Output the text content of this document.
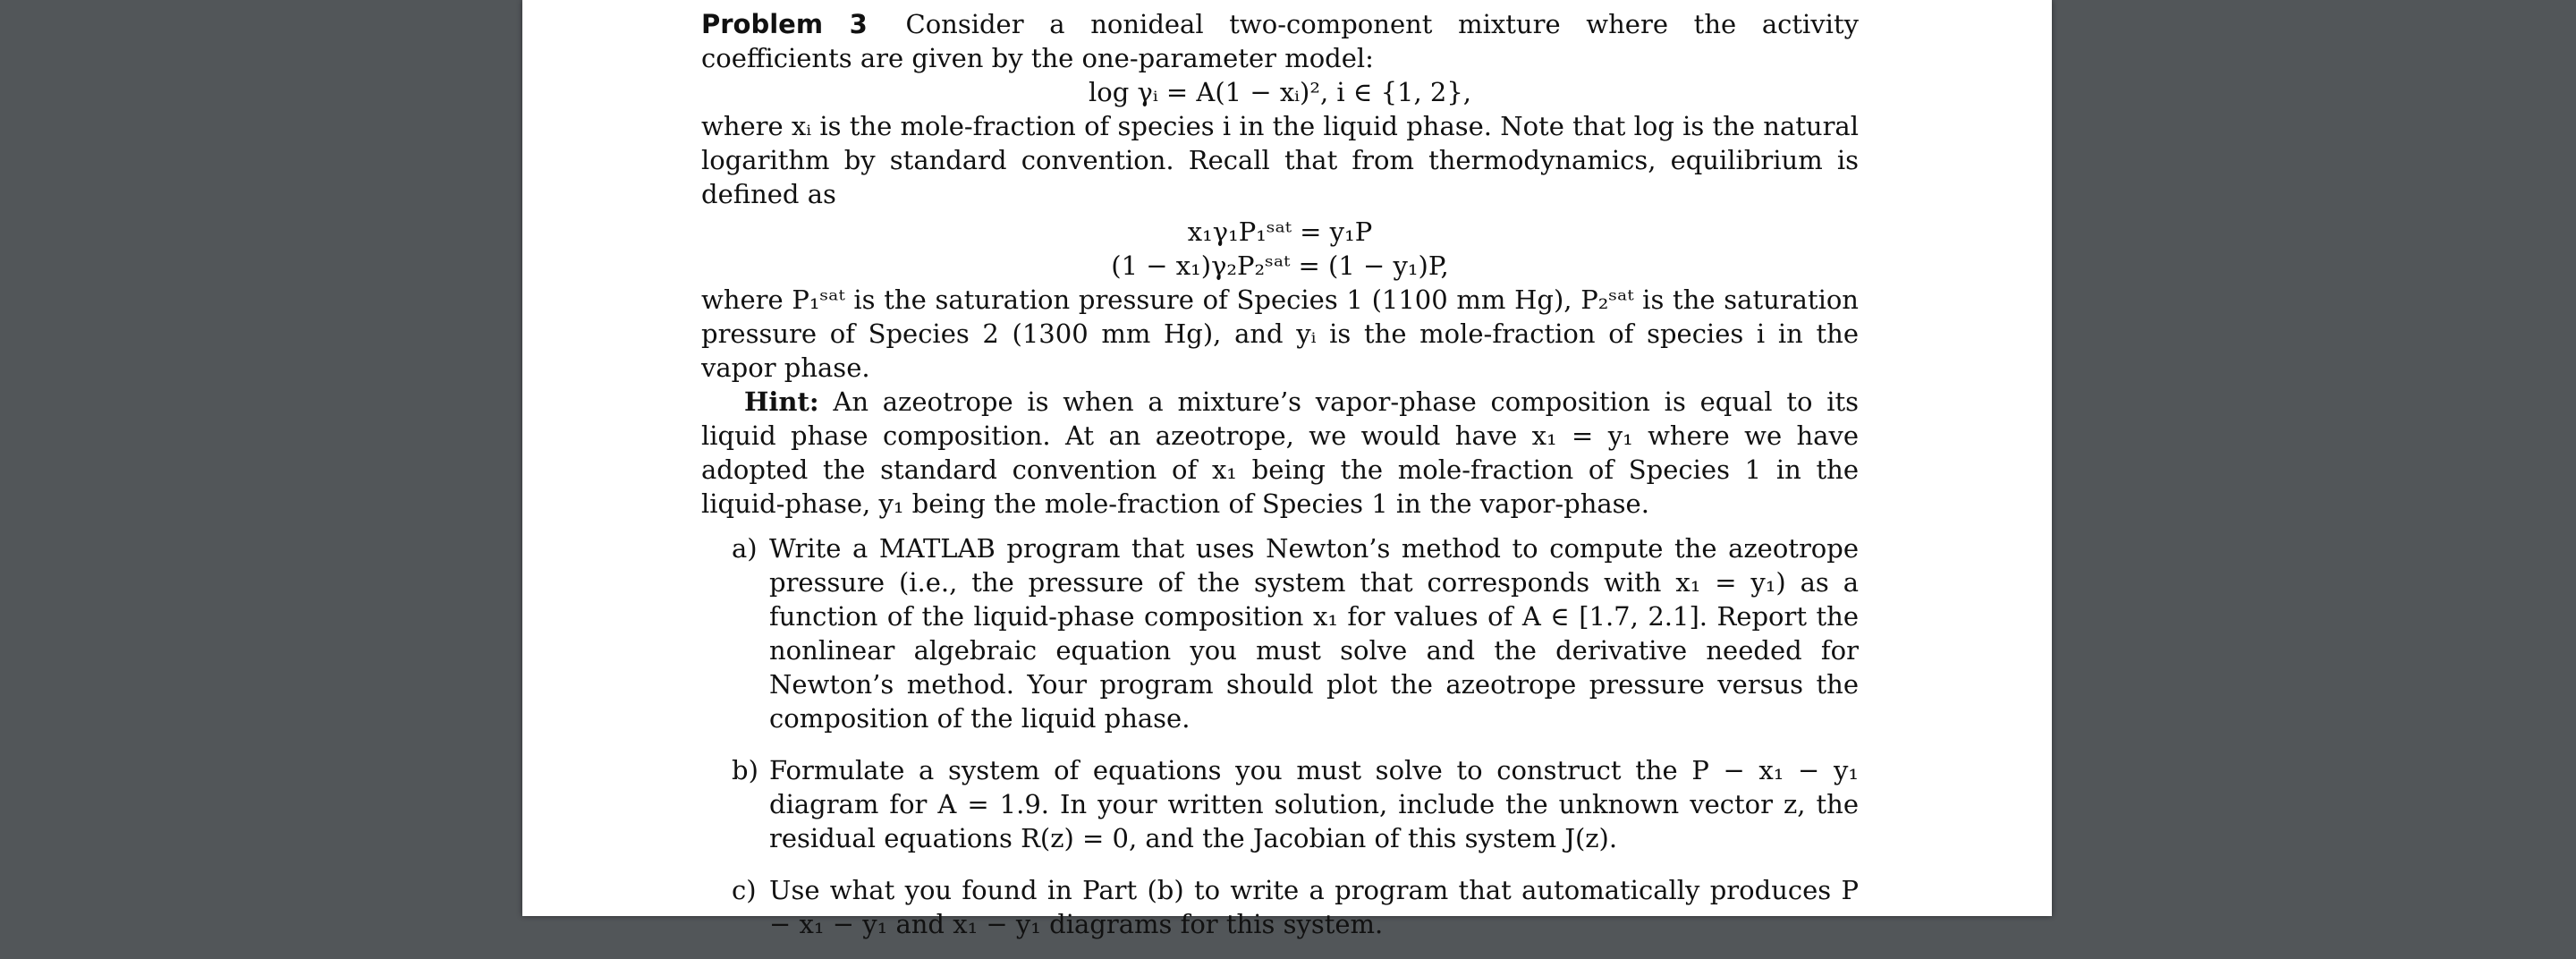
Problem 3 Consider a nonideal two-component mixture where the activity coefficients are given by the one-parameter model:

log γᵢ = A(1 − xᵢ)², i ∈ {1, 2},

where xᵢ is the mole-fraction of species i in the liquid phase. Note that log is the natural logarithm by standard convention. Recall that from thermodynamics, equilibrium is defined as

x₁γ₁P₁ˢᵃᵗ = y₁P

(1 − x₁)γ₂P₂ˢᵃᵗ = (1 − y₁)P,

where P₁ˢᵃᵗ is the saturation pressure of Species 1 (1100 mm Hg), P₂ˢᵃᵗ is the saturation pressure of Species 2 (1300 mm Hg), and yᵢ is the mole-fraction of species i in the vapor phase.

Hint: An azeotrope is when a mixture’s vapor-phase composition is equal to its liquid phase composition. At an azeotrope, we would have x₁ = y₁ where we have adopted the standard convention of x₁ being the mole-fraction of Species 1 in the liquid-phase, y₁ being the mole-fraction of Species 1 in the vapor-phase.

a) Write a MATLAB program that uses Newton’s method to compute the azeotrope pressure (i.e., the pressure of the system that corresponds with x₁ = y₁) as a function of the liquid-phase composition x₁ for values of A ∈ [1.7, 2.1]. Report the nonlinear algebraic equation you must solve and the derivative needed for Newton’s method. Your program should plot the azeotrope pressure versus the composition of the liquid phase.
b) Formulate a system of equations you must solve to construct the P − x₁ − y₁ diagram for A = 1.9. In your written solution, include the unknown vector z, the residual equations R(z) = 0, and the Jacobian of this system J(z).
c) Use what you found in Part (b) to write a program that automatically produces P − x₁ − y₁ and x₁ − y₁ diagrams for this system.
